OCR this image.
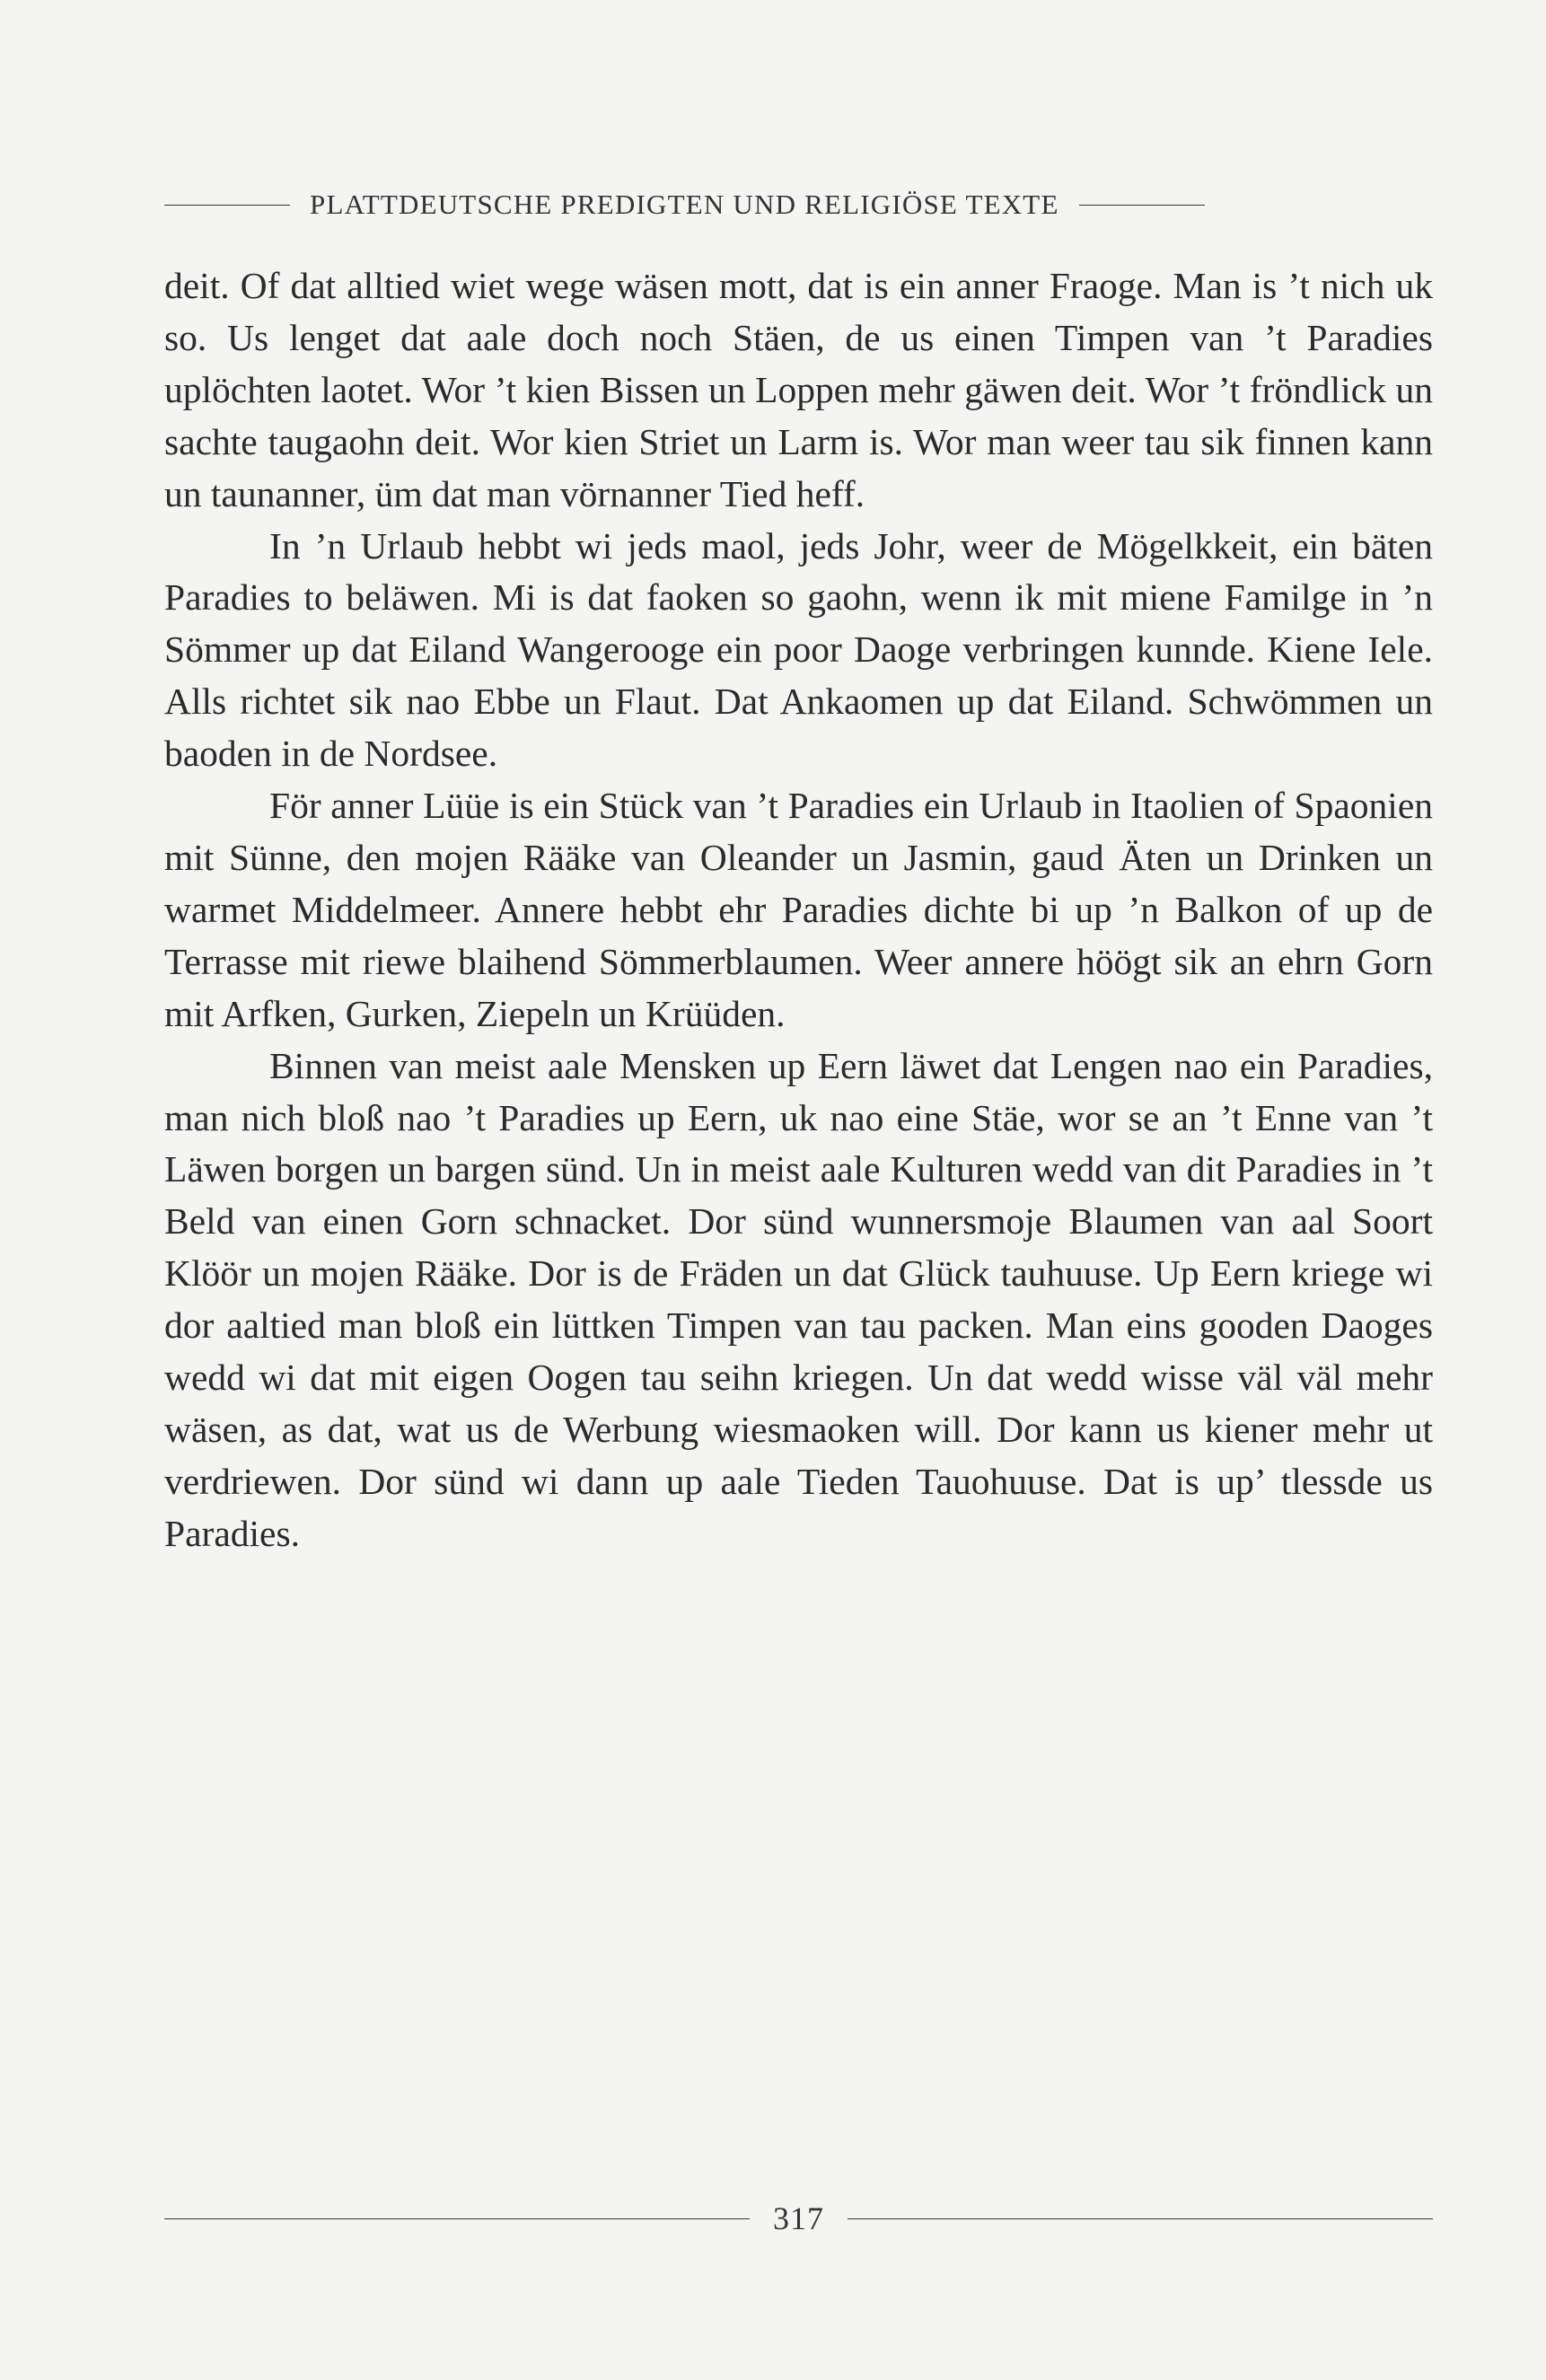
PLATTDEUTSCHE PREDIGTEN UND RELIGIÖSE TEXTE

deit. Of dat alltied wiet wege wäsen mott, dat is ein anner Fraoge. Man is ’t nich uk so. Us lenget dat aale doch noch Stäen, de us einen Timpen van ’t Paradies uplöchten laotet. Wor ’t kien Bissen un Loppen mehr gäwen deit. Wor ’t fröndlick un sachte taugaohn deit. Wor kien Striet un Larm is. Wor man weer tau sik finnen kann un taunanner, üm dat man vörnanner Tied heff.

In ’n Urlaub hebbt wi jeds maol, jeds Johr, weer de Mögelkkeit, ein bäten Paradies to beläwen. Mi is dat faoken so gaohn, wenn ik mit miene Familge in ’n Sömmer up dat Eiland Wangerooge ein poor Daoge verbringen kunnde. Kiene Iele. Alls richtet sik nao Ebbe un Flaut. Dat Ankaomen up dat Eiland. Schwömmen un baoden in de Nordsee.

För anner Lüüe is ein Stück van ’t Paradies ein Urlaub in Itaolien of Spaonien mit Sünne, den mojen Rääke van Oleander un Jasmin, gaud Äten un Drinken un warmet Middelmeer. Annere hebbt ehr Paradies dichte bi up ’n Balkon of up de Terrasse mit riewe blaihend Sömmerblaumen. Weer annere höögt sik an ehrn Gorn mit Arfken, Gurken, Ziepeln un Krüüden.

Binnen van meist aale Mensken up Eern läwet dat Lengen nao ein Paradies, man nich bloß nao ’t Paradies up Eern, uk nao eine Stäe, wor se an ’t Enne van ’t Läwen borgen un bargen sünd. Un in meist aale Kulturen wedd van dit Paradies in ’t Beld van einen Gorn schnacket. Dor sünd wunnersmoje Blaumen van aal Soort Klöör un mojen Rääke. Dor is de Fräden un dat Glück tauhuuse. Up Eern kriege wi dor aaltied man bloß ein lüttken Timpen van tau packen. Man eins gooden Daoges wedd wi dat mit eigen Oogen tau seihn kriegen. Un dat wedd wisse väl väl mehr wäsen, as dat, wat us de Werbung wiesmaoken will. Dor kann us kiener mehr ut verdriewen. Dor sünd wi dann up aale Tieden Tauohuuse. Dat is up’ tlessde us Paradies.

317
